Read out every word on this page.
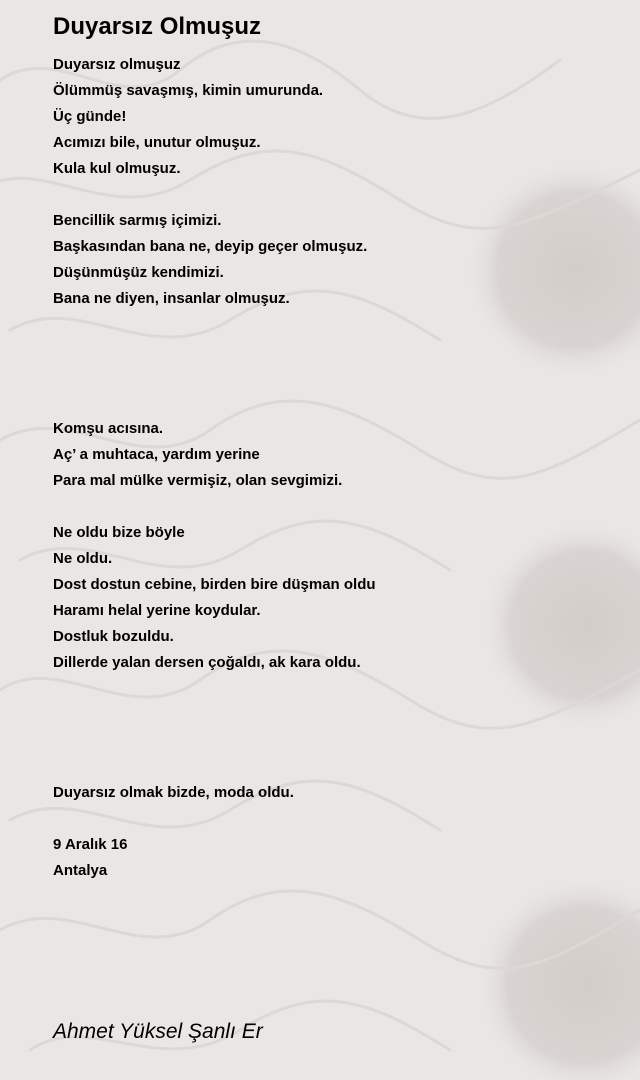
Duyarsız Olmuşuz
Duyarsız olmuşuz
Ölümmüş savaşmış, kimin umurunda.
Üç günde!
Acımızı bile, unutur olmuşuz.
Kula kul olmuşuz.
Bencillik sarmış içimizi.
Başkasından bana ne, deyip geçer olmuşuz.
Düşünmüşüz kendimizi.
Bana ne diyen, insanlar olmuşuz.
Komşu acısına.
Aç’ a muhtaca, yardım yerine
Para mal mülke vermişiz, olan sevgimizi.
Ne oldu bize böyle
Ne oldu.
Dost dostun cebine, birden bire düşman oldu
Haramı helal yerine koydular.
Dostluk bozuldu.
Dillerde yalan dersen çoğaldı, ak kara oldu.
Duyarsız olmak bizde, moda oldu.
9 Aralık 16
Antalya

Ahmet Yüksel Şanlı Er
